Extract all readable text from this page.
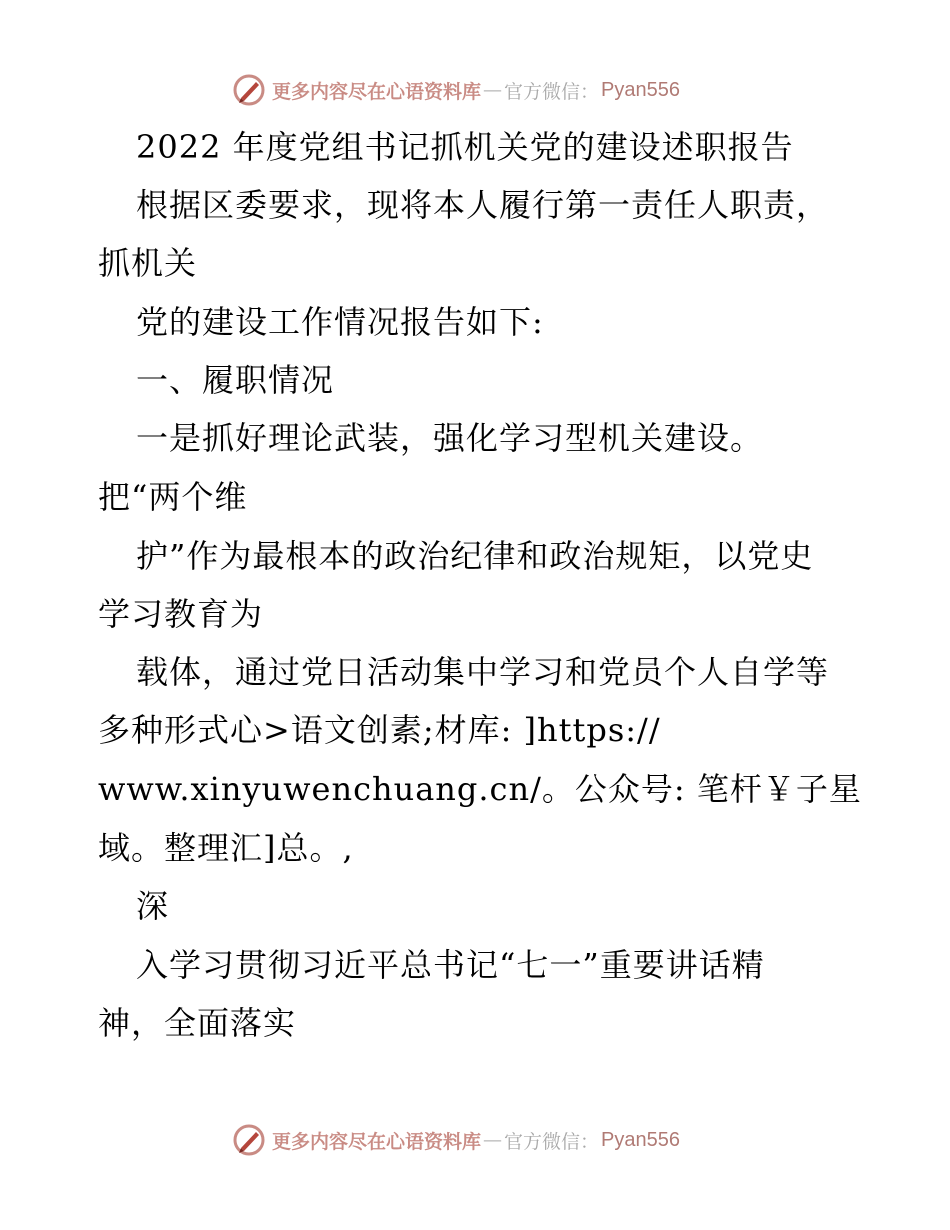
更多内容尽在心语资料库 — 官方微信： Pyan556
2022 年度党组书记抓机关党的建设述职报告
根据区委要求，现将本人履行第一责任人职责，
抓机关
党的建设工作情况报告如下:
一、履职情况
一是抓好理论武装，强化学习型机关建设。
把“两个维
护”作为最根本的政治纪律和政治规矩，以党史
学习教育为
载体，通过党日活动集中学习和党员个人自学等
多种形式心>语文创素;材库: ]https://
www.xinyuwenchuang.cn/。公众号: 笔杆￥子星
域。整理汇]总。,
深
入学习贯彻习近平总书记“七一”重要讲话精
神，全面落实
更多内容尽在心语资料库 — 官方微信： Pyan556
